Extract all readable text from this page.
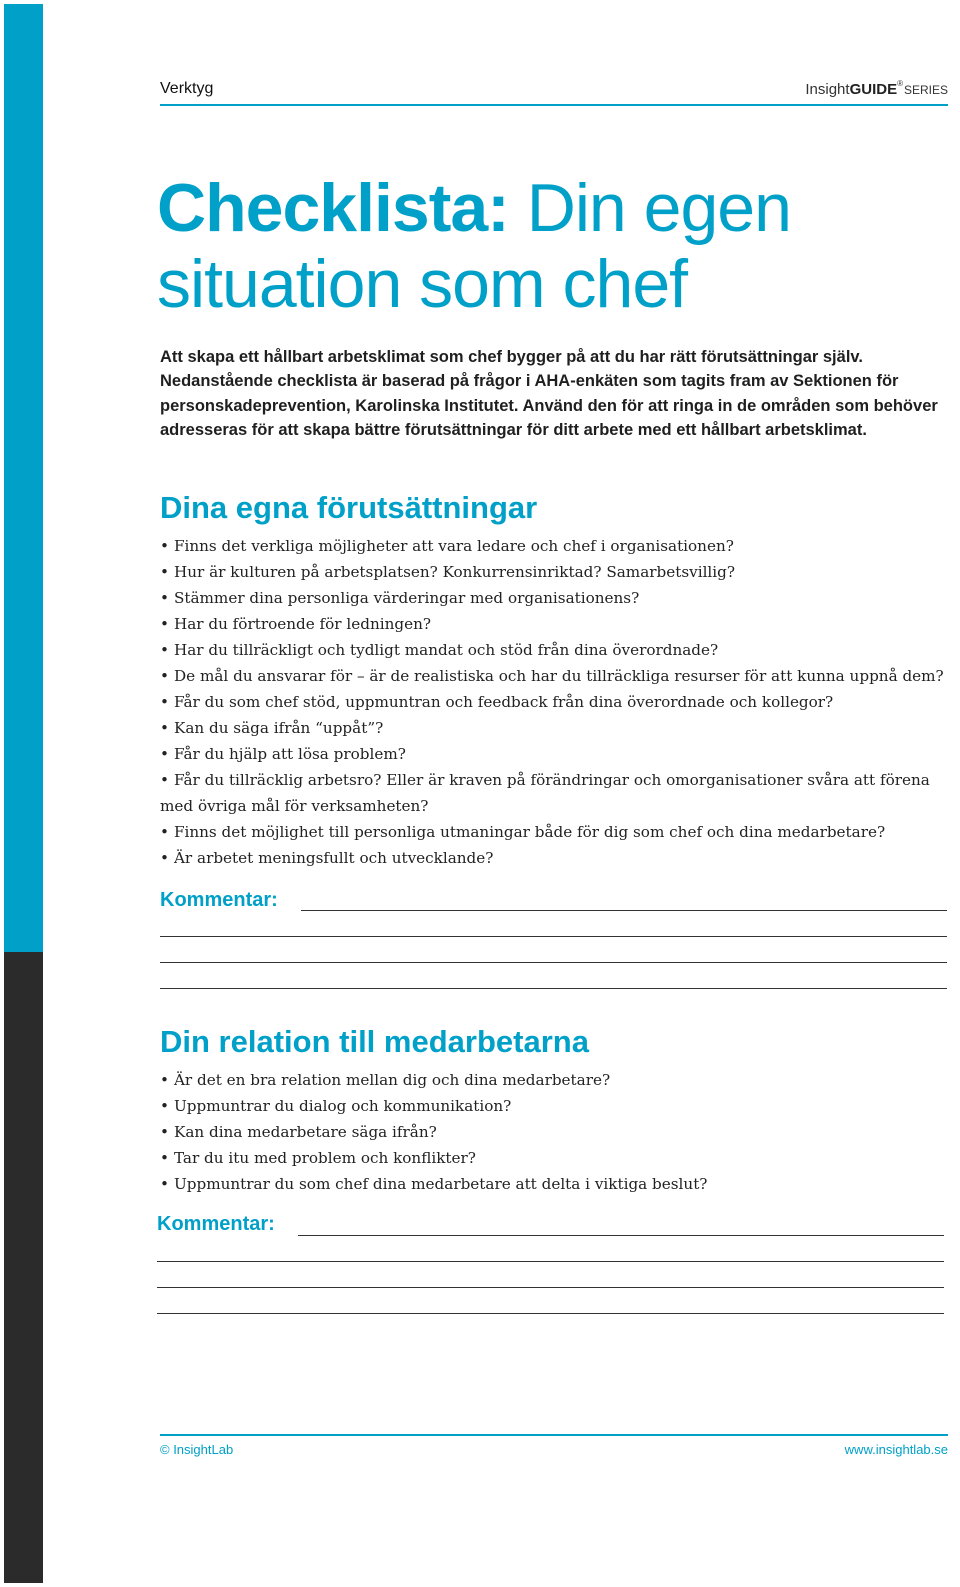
Verktyg	InsightGUIDE®SERIES
Checklista: Din egen
situation som chef

Att skapa ett hållbart arbetsklimat som chef bygger på att du har rätt förutsättningar själv. Nedanstående checklista är baserad på frågor i AHA-enkäten som tagits fram av Sektionen för personskadeprevention, Karolinska Institutet. Använd den för att ringa in de områden som behöver adresseras för att skapa bättre förutsättningar för ditt arbete med ett hållbart arbetsklimat.

Dina egna förutsättningar
• Finns det verkliga möjligheter att vara ledare och chef i organisationen?
• Hur är kulturen på arbetsplatsen? Konkurrensinriktad? Samarbetsvillig?
• Stämmer dina personliga värderingar med organisationens?
• Har du förtroende för ledningen?
• Har du tillräckligt och tydligt mandat och stöd från dina överordnade?
• De mål du ansvarar för – är de realistiska och har du tillräckliga resurser för att kunna uppnå dem?
• Får du som chef stöd, uppmuntran och feedback från dina överordnade och kollegor?
• Kan du säga ifrån “uppåt”?
• Får du hjälp att lösa problem?
• Får du tillräcklig arbetsro? Eller är kraven på förändringar och omorganisationer svåra att förena med övriga mål för verksamheten?
• Finns det möjlighet till personliga utmaningar både för dig som chef och dina medarbetare?
• Är arbetet meningsfullt och utvecklande?
Kommentar:
Din relation till medarbetarna
• Är det en bra relation mellan dig och dina medarbetare?
• Uppmuntrar du dialog och kommunikation?
• Kan dina medarbetare säga ifrån?
• Tar du itu med problem och konflikter?
• Uppmuntrar du som chef dina medarbetare att delta i viktiga beslut?
Kommentar:
© InsightLab	www.insightlab.se
